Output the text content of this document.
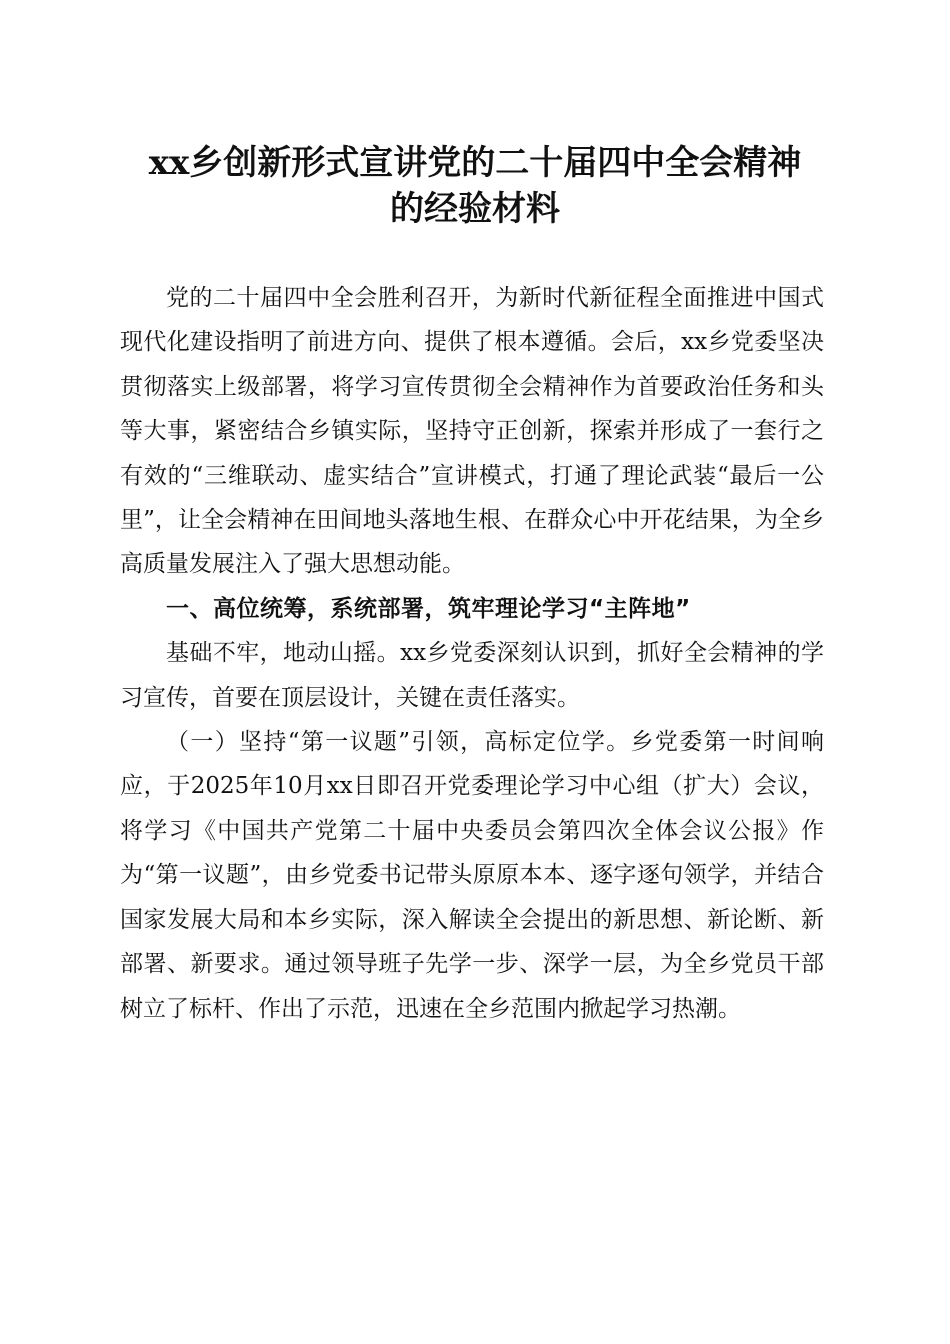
xx乡创新形式宣讲党的二十届四中全会精神
的经验材料

党的二十届四中全会胜利召开，为新时代新征程全面推进中国式现代化建设指明了前进方向、提供了根本遵循。会后，xx乡党委坚决贯彻落实上级部署，将学习宣传贯彻全会精神作为首要政治任务和头等大事，紧密结合乡镇实际，坚持守正创新，探索并形成了一套行之有效的“三维联动、虚实结合”宣讲模式，打通了理论武装“最后一公里”，让全会精神在田间地头落地生根、在群众心中开花结果，为全乡高质量发展注入了强大思想动能。

一、高位统筹，系统部署，筑牢理论学习“主阵地”

基础不牢，地动山摇。xx乡党委深刻认识到，抓好全会精神的学习宣传，首要在顶层设计，关键在责任落实。

（一）坚持“第一议题”引领，高标定位学。乡党委第一时间响应，于2025年10月xx日即召开党委理论学习中心组（扩大）会议，将学习《中国共产党第二十届中央委员会第四次全体会议公报》作为“第一议题”，由乡党委书记带头原原本本、逐字逐句领学，并结合国家发展大局和本乡实际，深入解读全会提出的新思想、新论断、新部署、新要求。通过领导班子先学一步、深学一层，为全乡党员干部树立了标杆、作出了示范，迅速在全乡范围内掀起学习热潮。
